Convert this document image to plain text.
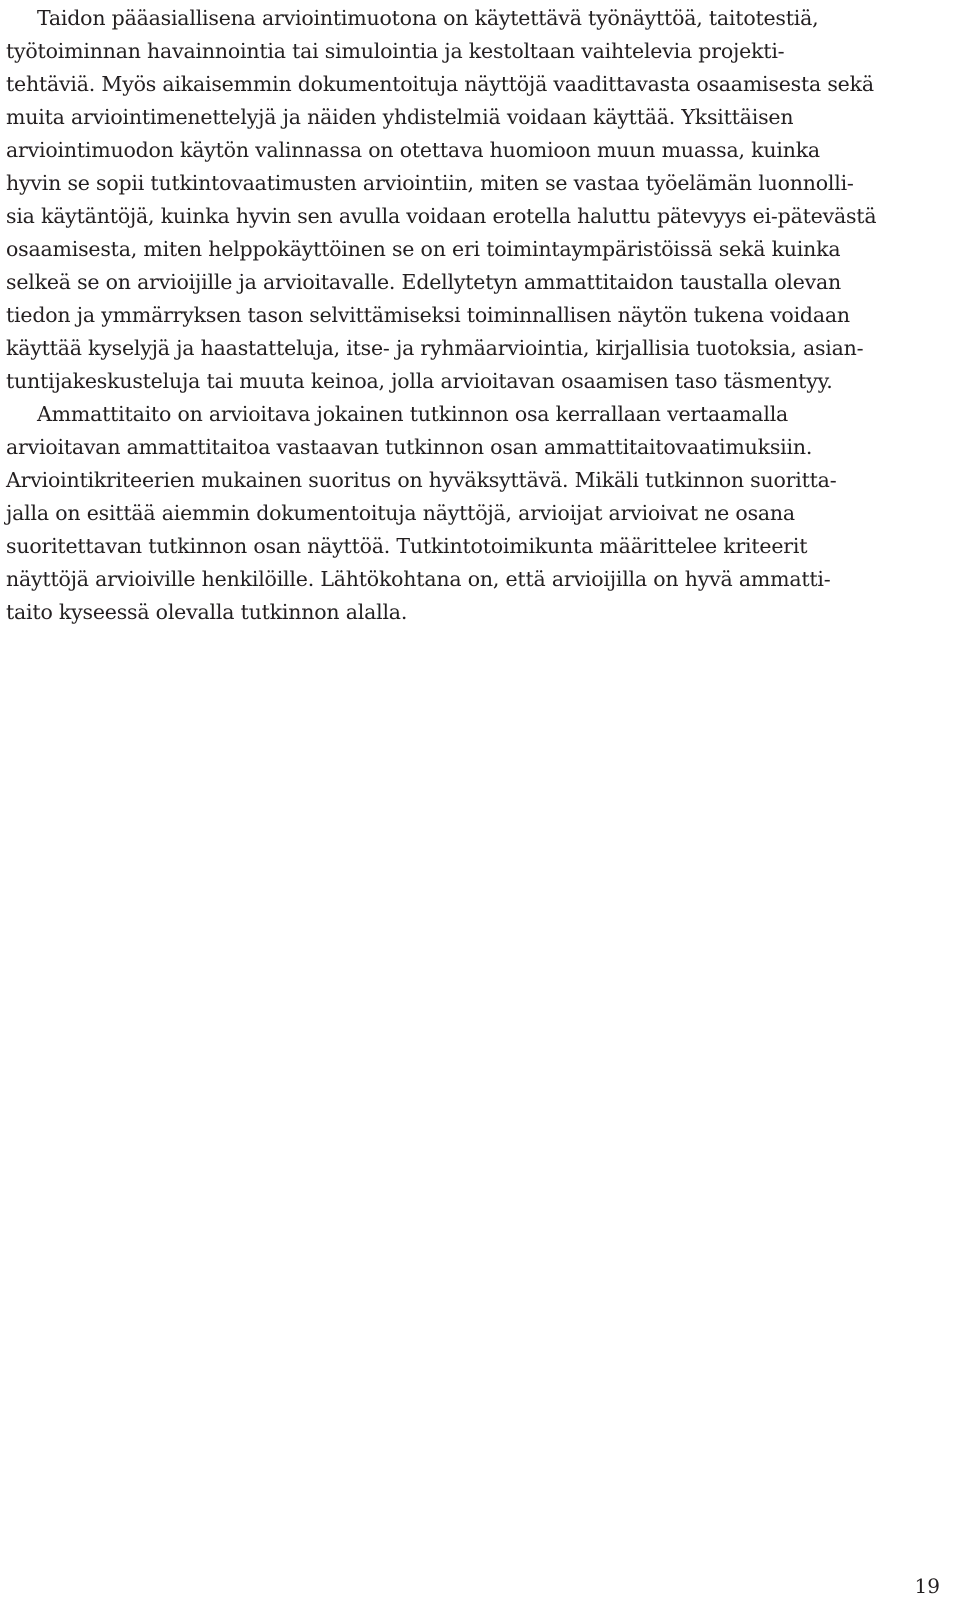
Taidon pääasiallisena arviointimuotona on käytettävä työnäyttöä, taitotestiä,
työtoiminnan havainnointia tai simulointia ja kestoltaan vaihtelevia projekti-
tehtäviä. Myös aikaisemmin dokumentoituja näyttöjä vaadittavasta osaamisesta sekä
muita arviointimenettelyjä ja näiden yhdistelmiä voidaan käyttää. Yksittäisen
arviointimuodon käytön valinnassa on otettava huomioon muun muassa, kuinka
hyvin se sopii tutkintovaatimusten arviointiin, miten se vastaa työelämän luonnolli-
sia käytäntöjä, kuinka hyvin sen avulla voidaan erotella haluttu pätevyys ei-pätevästä
osaamisesta, miten helppokäyttöinen se on eri toimintaympäristöissä sekä kuinka
selkeä se on arvioijille ja arvioitavalle. Edellytetyn ammattitaidon taustalla olevan
tiedon ja ymmärryksen tason selvittämiseksi toiminnallisen näytön tukena voidaan
käyttää kyselyjä ja haastatteluja, itse- ja ryhmäarviointia, kirjallisia tuotoksia, asian-
tuntijakeskusteluja tai muuta keinoa, jolla arvioitavan osaamisen taso täsmentyy.
Ammattitaito on arvioitava jokainen tutkinnon osa kerrallaan vertaamalla
arvioitavan ammattitaitoa vastaavan tutkinnon osan ammattitaitovaatimuksiin.
Arviointikriteerien mukainen suoritus on hyväksyttävä. Mikäli tutkinnon suoritta-
jalla on esittää aiemmin dokumentoituja näyttöjä, arvioijat arvioivat ne osana
suoritettavan tutkinnon osan näyttöä. Tutkintotoimikunta määrittelee kriteerit
näyttöjä arvioiville henkilöille. Lähtökohtana on, että arvioijilla on hyvä ammatti-
taito kyseessä olevalla tutkinnon alalla.
19
